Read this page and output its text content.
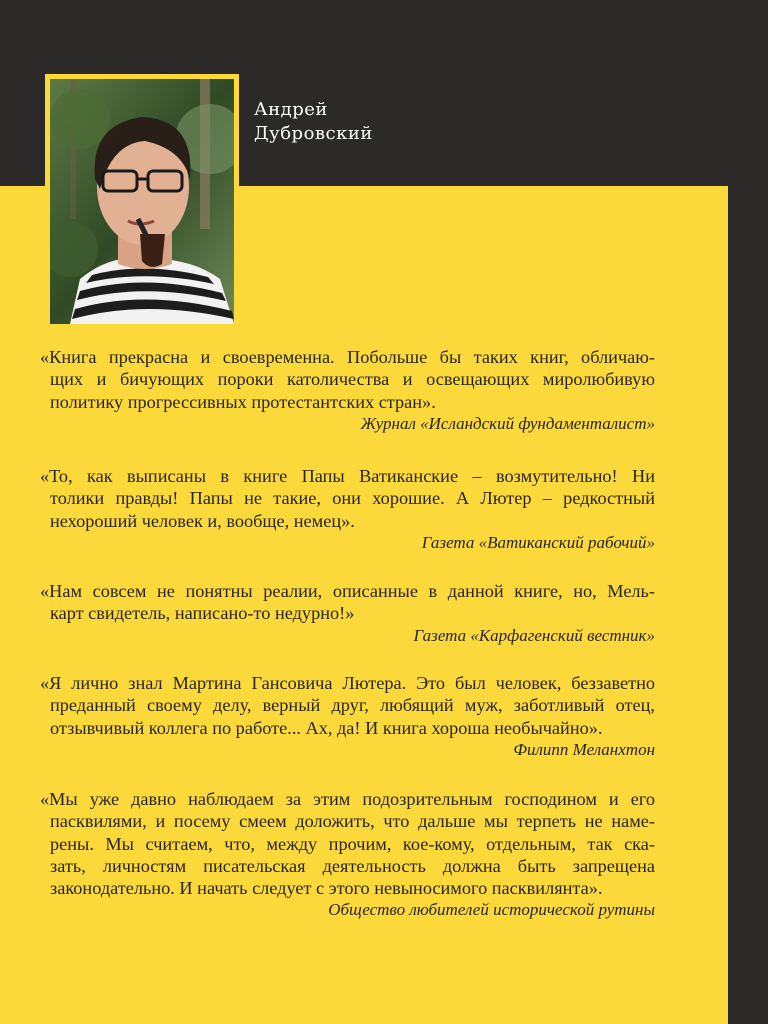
Андрей
Дубровский

«Книга прекрасна и своевременна. Побольше бы таких книг, обличаю-
щих и бичующих пороки католичества и освещающих миролюбивую
политику прогрессивных протестантских стран».

Журнал «Исландский фундаменталист»

«То, как выписаны в книге Папы Ватиканские – возмутительно! Ни
толики правды! Папы не такие, они хорошие. А Лютер – редкостный
нехороший человек и, вообще, немец».

Газета «Ватиканский рабочий»

«Нам совсем не понятны реалии, описанные в данной книге, но, Мель-
карт свидетель, написано-то недурно!»

Газета «Карфагенский вестник»

«Я лично знал Мартина Гансовича Лютера. Это был человек, беззаветно
преданный своему делу, верный друг, любящий муж, заботливый отец,
отзывчивый коллега по работе... Ах, да! И книга хороша необычайно».

Филипп Меланхтон

«Мы уже давно наблюдаем за этим подозрительным господином и его
пасквилями, и посему смеем доложить, что дальше мы терпеть не наме-
рены. Мы считаем, что, между прочим, кое-кому, отдельным, так ска-
зать, личностям писательская деятельность должна быть запрещена
законодательно. И начать следует с этого невыносимого пасквилянта».

Общество любителей исторической рутины
